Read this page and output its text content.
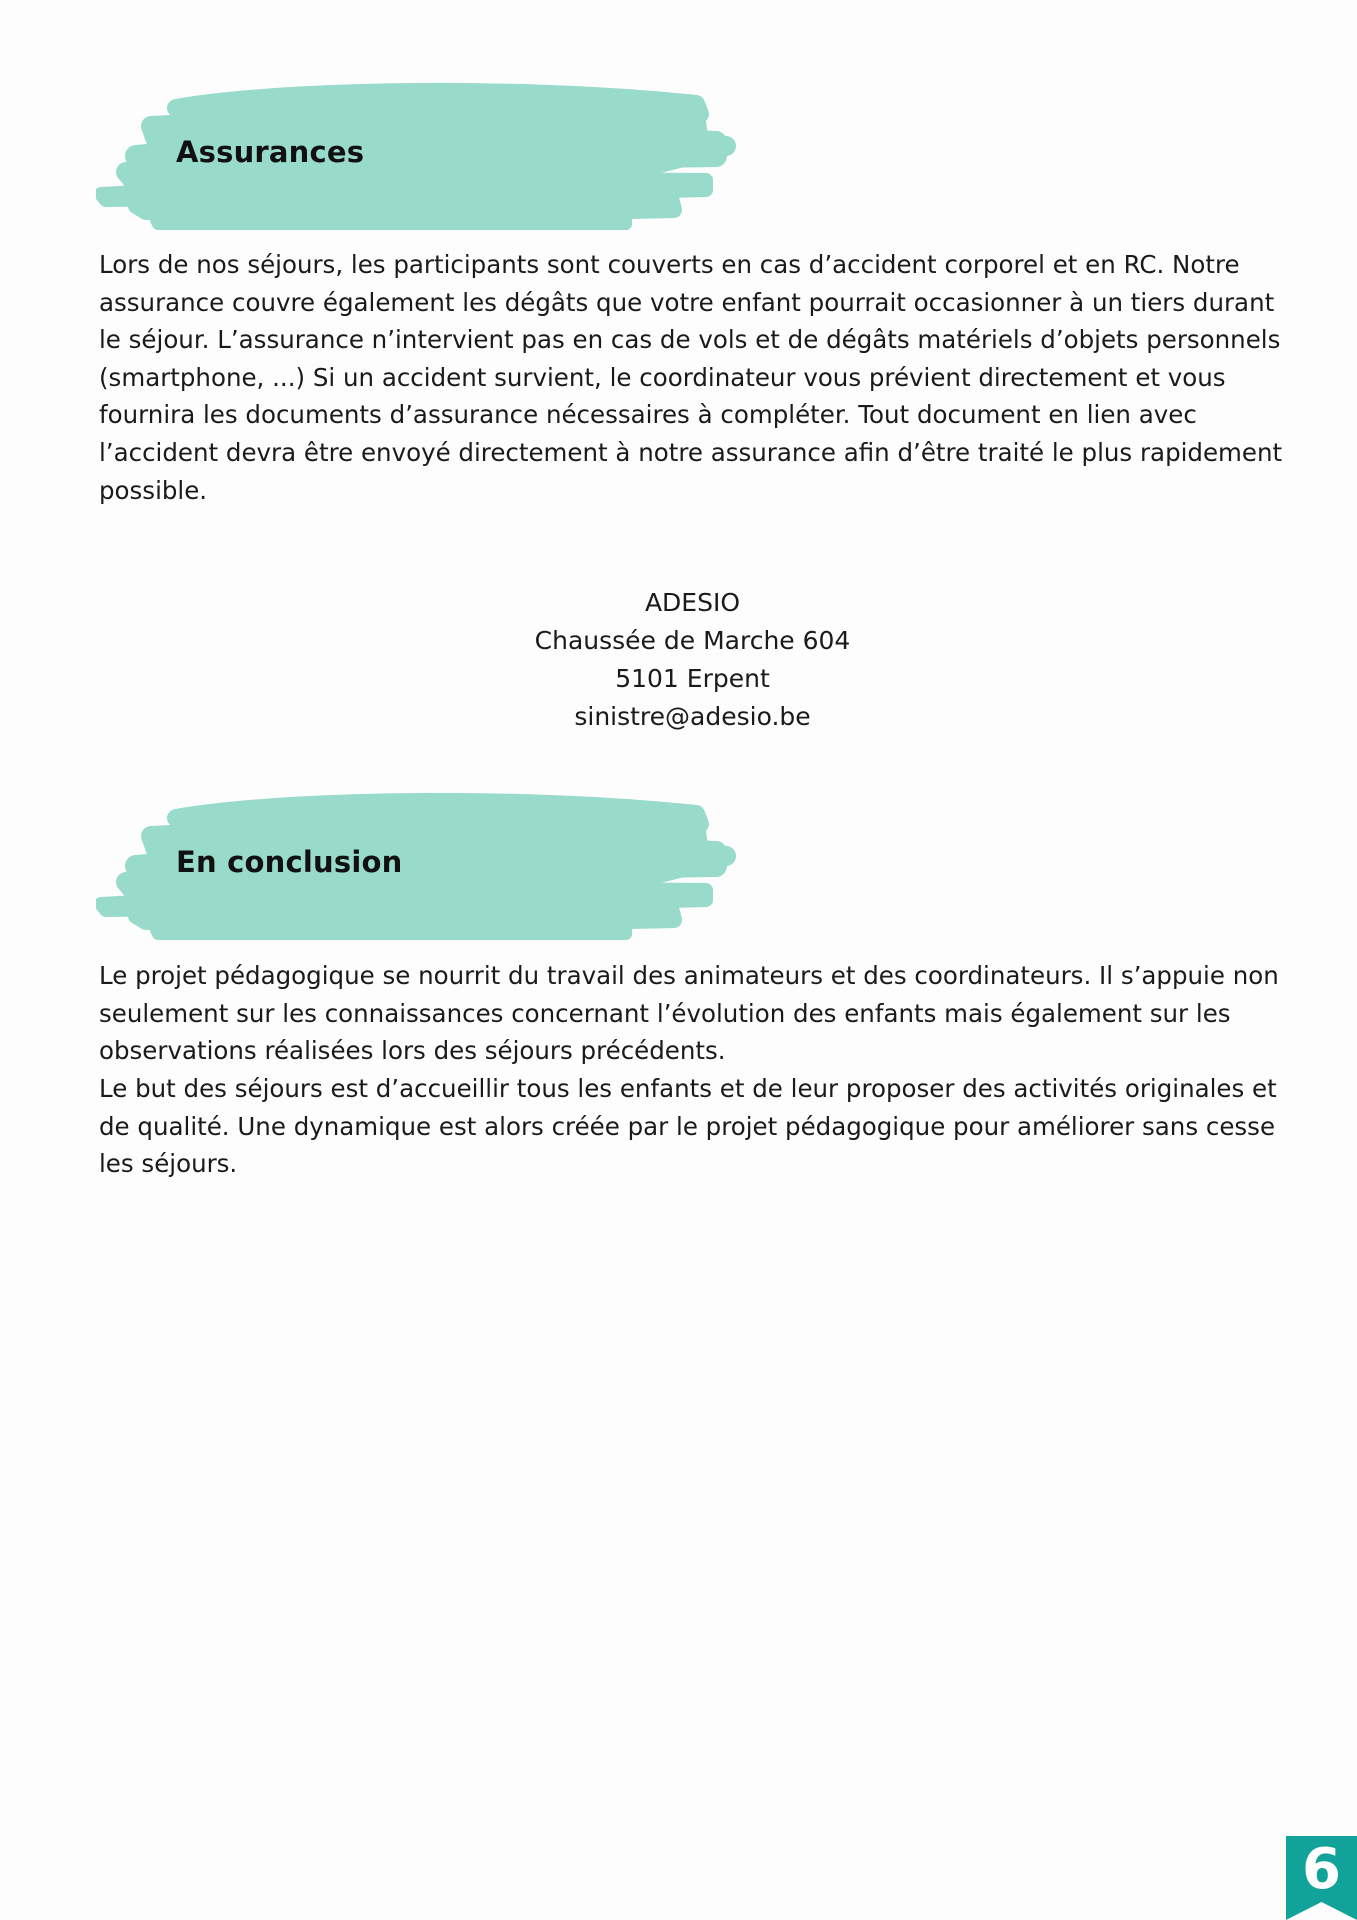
Assurances

Lors de nos séjours, les participants sont couverts en cas d’accident corporel et en RC. Notre assurance couvre également les dégâts que votre enfant pourrait occasionner à un tiers durant le séjour. L’assurance n’intervient pas en cas de vols et de dégâts matériels d’objets personnels (smartphone, ...) Si un accident survient, le coordinateur vous prévient directement et vous fournira les documents d’assurance nécessaires à compléter. Tout document en lien avec l’accident devra être envoyé directement à notre assurance afin d’être traité le plus rapidement possible.

ADESIO
Chaussée de Marche 604
5101 Erpent
sinistre@adesio.be
En conclusion

Le projet pédagogique se nourrit du travail des animateurs et des coordinateurs. Il s’appuie non seulement sur les connaissances concernant l’évolution des enfants mais également sur les observations réalisées lors des séjours précédents.

Le but des séjours est d’accueillir tous les enfants et de leur proposer des activités originales et de qualité. Une dynamique est alors créée par le projet pédagogique pour améliorer sans cesse les séjours.

6
